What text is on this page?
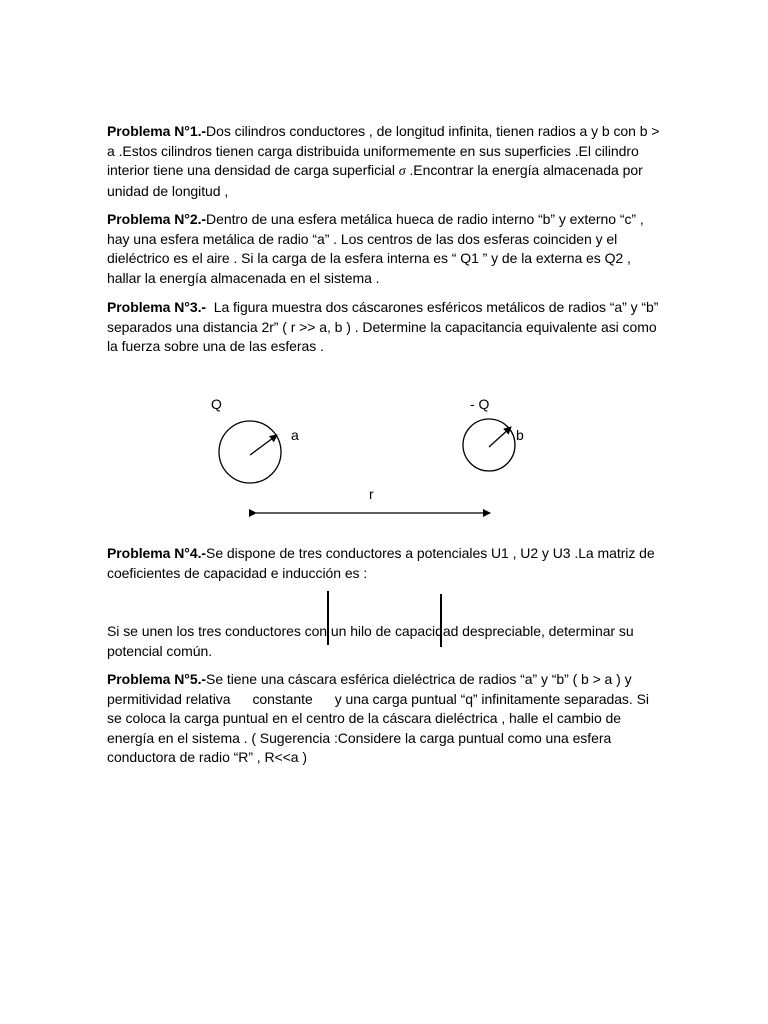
Problema N°1.-Dos cilindros conductores , de longitud infinita, tienen radios a y b con b > a .Estos cilindros tienen carga distribuida uniformemente en sus superficies .El cilindro interior tiene una densidad de carga superficial σ .Encontrar la energía almacenada por unidad de longitud ,

Problema N°2.-Dentro de una esfera metálica hueca de radio interno “b” y externo “c” , hay una esfera metálica de radio “a” . Los centros de las dos esferas coinciden y el dieléctrico es el aire . Si la carga de la esfera interna es “ Q1 ” y de la externa es Q2 , hallar la energía almacenada en el sistema .

Problema N°3.-  La figura muestra dos cáscarones esféricos metálicos de radios “a” y “b” separados una distancia 2r” ( r >> a, b ) . Determine la capacitancia equivalente asi como la fuerza sobre una de las esferas .

Q	- Q
a	b
r

Problema N°4.-Se dispone de tres conductores a potenciales U1 , U2 y U3 .La matriz de coeficientes de capacidad e inducción es :

Si se unen los tres conductores con un hilo de capacidad despreciable, determinar su potencial común.

Problema N°5.-Se tiene una cáscara esférica dieléctrica de radios “a” y “b” ( b > a ) y permitividad relativa constante y una carga puntual “q” infinitamente separadas. Si se coloca la carga puntual en el centro de la cáscara dieléctrica , halle el cambio de energía en el sistema . ( Sugerencia :Considere la carga puntual como una esfera conductora de radio “R” , R<<a )
